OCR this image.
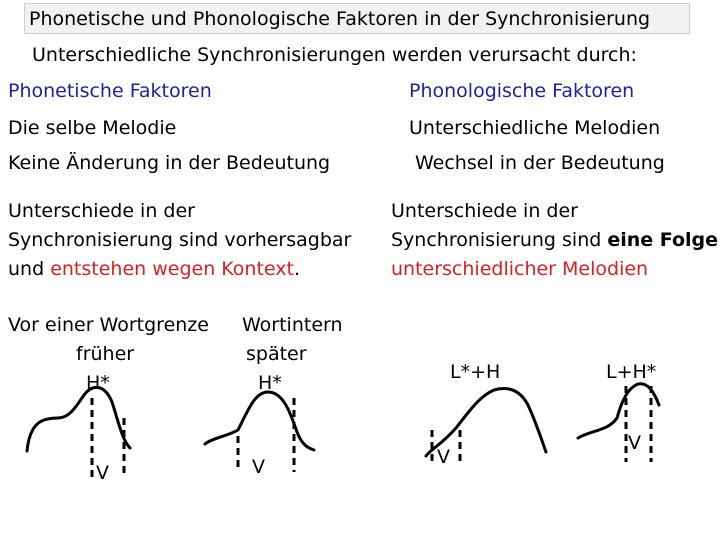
Phonetische und Phonologische Faktoren in der Synchronisierung
Unterschiedliche Synchronisierungen werden verursacht durch:
Phonetische Faktoren
Die selbe Melodie
Keine Änderung in der Bedeutung
Unterschiede in der
Synchronisierung sind vorhersagbar
und entstehen wegen Kontext.
Phonologische Faktoren
Unterschiedliche Melodien
Wechsel in der Bedeutung
Unterschiede in der
Synchronisierung sind eine Folge
unterschiedlicher Melodien
Vor einer Wortgrenze
früher
H*
V
Wortintern
später
H*
V
L*+H
V
L+H*
V
